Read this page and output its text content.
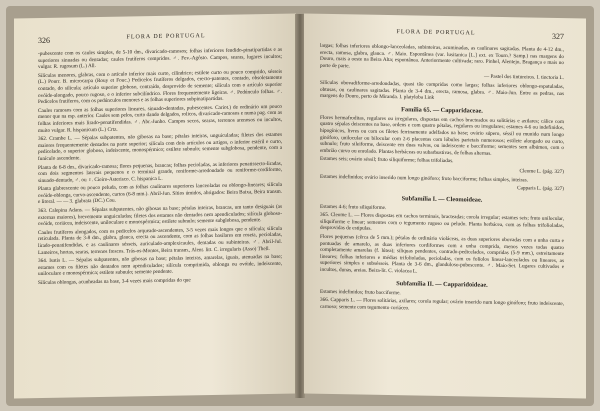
326	FLORA DE PORTUGAL

-pubescente com os caules simples, de 5-10 dm., divaricado-ramosos; folhas inferiores fendido-pinatipartidas e as superiores sinuadas ou dentadas; caules frutíferos compridos. ♂. Fev.-Agôsto. Campos, searas, lugares incultos; vulgar. R. rugosum (L.) All.

Silículas menores, glabras, com o artículo inferior mais curto, cilíndrico; estilete curto ou pouco comprido, sésseis (L.) Pourr. B. microcarpa (Rouy et Fouc.) Pedicelos frutíferos delgados, erecto-patentes, contado, obsoletamente contado, do silícula; artículo superior globoso, contraído, desprovido de semente; silícula com o artículo superior ovóide-alongado, pouco rugoso, e o inferior subcilíndrico. Flores frequentemente ligeiras. ♂. Pedúnculo folhas. ♂. Pedicelos frutíferos, com os pedúnculos menores e as folhas superiores subpinatipartidas.

Caules ramosos com as folhas superiores lineares, sinuado-dentadas, pubescentes. Cariot.) de ordinário um pouco menor que na esp. anterior. Caules sem pelos, curto dando delgados, rolicos, divaricado-ramosos e numa pag. com as folhas inferiores mais lirado-penatifendidas. ♂. Abr.-Junho. Campos secos, searas, terrenos arenosos ou incultos, muito vulgar. R. hispanicum (L.) Crtz.

362. Crambe L. — Sépalas subpatentes, não gibosas na base; pétalas inteiras, unguiculadas; filetes dos estames maiores frequentemente dentados na parte superior; silícula com dois artículos ou artigos, o inferior estéril e curto, pedicelado, o superior globoso, indeiscente, monospérmico; estilete subnulo; semente subglobosa, pendente, com a funículo ascendente.

Planta de 6-8 dm., divaricado-ramosa; flores pequenas, brancas; folhas pecioladas, as inferiores penatissecto-liradas, com dois segmentos laterais pequenos e o terminal grande, reniforme-arredondado ou reniforme-cordiforme, sinuado-dentado, ♂. ou ♀. Cieiro-Asterisco. C. hispanica L.

Planta glabrescente ou pouco peluda, com as folhas caulinares superiores lanceoladas ou oblongo-lineares; silícula ovóide-oblonga, curvo-ascendente, curtos (6-8 mm.). Abril-Jun. Sítios úmidos, abrigados: Beira Baixa, Beira transm. e litoral. — — 3. glabrata (DC.) Cou.

363. Calepina Adans. — Sépalas subpatentes, não gibosas na base; pétalas inteiras, brancas, um tanto desiguais (as externas maiores), brevemente unguiculadas; filetes dos estames não dentados nem apendiculados; silícula globoso-ovóide, coriácea, indeiscente, uniloculare e monospérmica; estilete subnulo; semente subglobosa, pendente.

Caules frutíferos alongados, com os pedicelos arqueado-ascendentes, 3-5 vezes mais longos que o silícula; silícula reticulada. Planta de 3-8 dm., glabra, glauca, erecta ou ascendente, com as folhas basilares em roseta, pecioladas, lirado-penatifendidas, e as caulinares sésseis, auriculado-amplexicaules, dentadas ou subinteiras. ♂. Abril-Jul. Lameiros, hortas, searas, terrenos frescos. Trás-os-Montes, Beira transm., Alent. litt. C. irregularis (Asso) Thell.

364. Isatis L. — Sépalas subpatentes, não gibosas na base; pétalas inteiras, amarelas, iguais, atenuadas na base; estames com os filetes não dentados nem apendiculados; silícula comprimida, oblonga ou ovóide, indeiscente, uniloculare e monospérmica; estilete subnulo; semente pendente.

Silículas oblongas, acunheadas na base, 3-4 vezes mais compridas do que

FLORA DE PORTUGAL	327

largas; folhas inferiores oblongo-lanceoladas, subinteiras, acuminadas, as caulinares sagitadas. Planta de 4-12 dm., erecta, ramosa, glabra, glauca. ♂. Maio. Espontânea (var. lusitanica [L.] ext. ex Tourn.? Samp.) nas margens do Douro, mais a oeste na Beira Alta; espontânea. Anteriormente cultivada; raro. Pinhel, Alentejo, Bragança e mais no porte de parte.

— Pastel dos tintureiros. I. tinctoria L.

Silículas obovadiforme-arredondadas, quasi tão compridas como largas; folhas inferiores oblongo-espatuladas, obtusas, ou caulinares sagitadas. Planta de 3-4 dm., erecta, ramosa, glabra. ♂. Maio-Jun. Entre as pedras, nas margens do Douro, perto de Miranda. I. platyloba Link

Família 65. — Capparidaceae.

Flores hermafroditas, regulares ou irregulares, dispostas em cachos bracteados ou solitárias e axilares; cálice com quatro sépalas deiscentes na base, ordens e com quatro pétalas, regulares ou irregulares; estames 4-6 ou indefinidos, hipogínicos, livres ou com os filetes ferrinamente adelfados na base; ovário súpero, séssil ou munido num longo ginóforo, unilocular ou bilocular com 2-6 placentas com lóbulos parietais numerosos; estilete alongado ou curto, subnulo; fruto sileiforme, deiscente em duas valvas, ou indeiscente e bacciforme; sementes sem albúmen, com o embrião curvo ou enrolado. Plantas herbáceas ou subarbustivas, de folhas alternas.

Estames seis; ovário séssil; fruto siliquiforme; folhas trifoliadas.

Cleome L. (pág. 327)

Estames indefinidos; ovário inserido num longo ginóforo; fruto bacciforme; folhas simples, inteiras.

Capparis L. (pág. 327)

Subfamília I. — Cleomoideae.

Estames 4-6; fruto siliquiforme.

365. Cleome L. — Flores dispostas em cachos terminais, bracteadas; corola irregular; estames seis; fruto unilocular, siliquiforme e linear; sementes com o tegumento rugoso ou peludo. Planta herbácea, com as folhas trifolioladas, desprovidas de estípulas.

Flores pequenas (cêrca de 5 mm.); pétalas de ordinário violáceas, as duas superiores obovadas com a unha curta e pontuadas de amarelo, as duas inferiores cordiformes com a unha comprida, menos vezes todas quatro completamente amarelas (f. lútea); siliquas pendentes, contrado-pedicelados, compridas (5-9 mm.), estreitamente lineares; folhas inferiores e médias trifolioladas, pecioladas, com os folíolos linear-lanceolados ou lineares, as superiores simples e subsésseis. Planta de 3-6 dm., glanduloso-pubescente. ♂. Maio-Set. Lugares cultivados e incultos, dunas, areias. Beira-lit. C. violacea L.

Subfamília II. — Capparidoideae.

Estames indefinidos; fruto bacciforme.

366. Capparis L. — Flores solitárias, axilares; corola regular; ovário inserido num longo ginóforo; fruto indeiscente, carnoso; semente com tegumento coriáceo.
